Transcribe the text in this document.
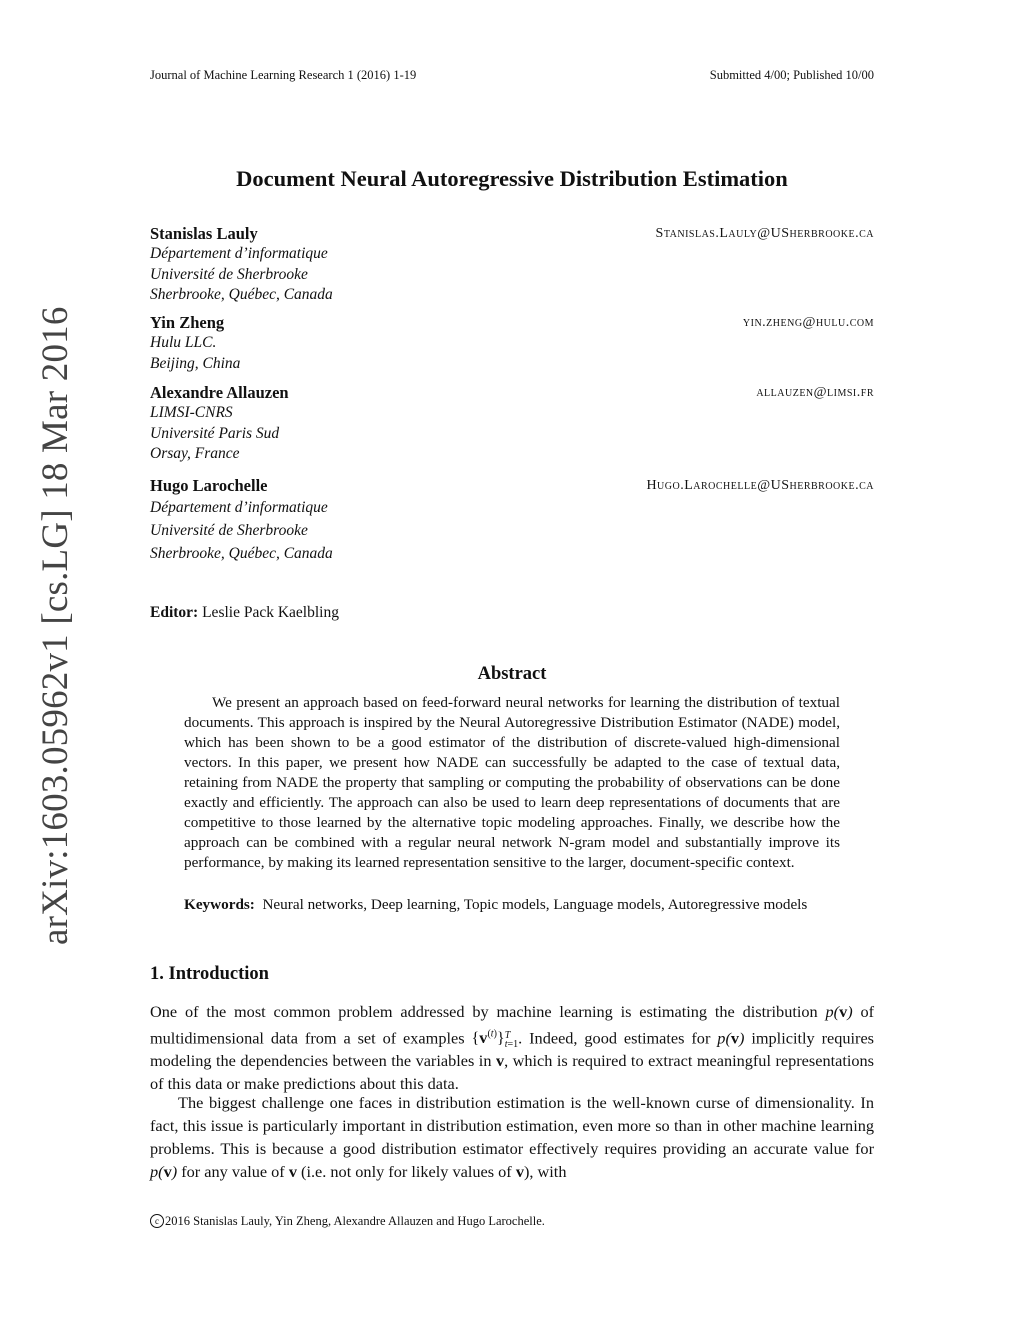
Journal of Machine Learning Research 1 (2016) 1-19	Submitted 4/00; Published 10/00
arXiv:1603.05962v1 [cs.LG] 18 Mar 2016
Document Neural Autoregressive Distribution Estimation
Stanislas Lauly	Stanislas.Lauly@USherbrooke.ca
Département d’informatique
Université de Sherbrooke
Sherbrooke, Québec, Canada
Yin Zheng	yin.zheng@hulu.com
Hulu LLC.
Beijing, China
Alexandre Allauzen	allauzen@limsi.fr
LIMSI-CNRS
Université Paris Sud
Orsay, France
Hugo Larochelle	Hugo.Larochelle@USherbrooke.ca
Département d’informatique
Université de Sherbrooke
Sherbrooke, Québec, Canada
Editor: Leslie Pack Kaelbling
Abstract
We present an approach based on feed-forward neural networks for learning the distribution of textual documents. This approach is inspired by the Neural Autoregressive Distribution Estimator (NADE) model, which has been shown to be a good estimator of the distribution of discrete-valued high-dimensional vectors. In this paper, we present how NADE can successfully be adapted to the case of textual data, retaining from NADE the property that sampling or computing the probability of observations can be done exactly and efficiently. The approach can also be used to learn deep representations of documents that are competitive to those learned by the alternative topic modeling approaches. Finally, we describe how the approach can be combined with a regular neural network N-gram model and substantially improve its performance, by making its learned representation sensitive to the larger, document-specific context.
Keywords: Neural networks, Deep learning, Topic models, Language models, Autoregressive models
1. Introduction
One of the most common problem addressed by machine learning is estimating the distribution p(v) of multidimensional data from a set of examples $\{v^{(t)}\}T$
t=1. Indeed, good estimates for p(v) implicitly requires modeling the dependencies between the variables in v, which is required to extract meaningful representations of this data or make predictions about this data.
The biggest challenge one faces in distribution estimation is the well-known curse of dimensionality. In fact, this issue is particularly important in distribution estimation, even more so than in other machine learning problems. This is because a good distribution estimator effectively requires providing an accurate value for p(v) for any value of v (i.e. not only for likely values of v), with
c 2016 Stanislas Lauly, Yin Zheng, Alexandre Allauzen and Hugo Larochelle.
